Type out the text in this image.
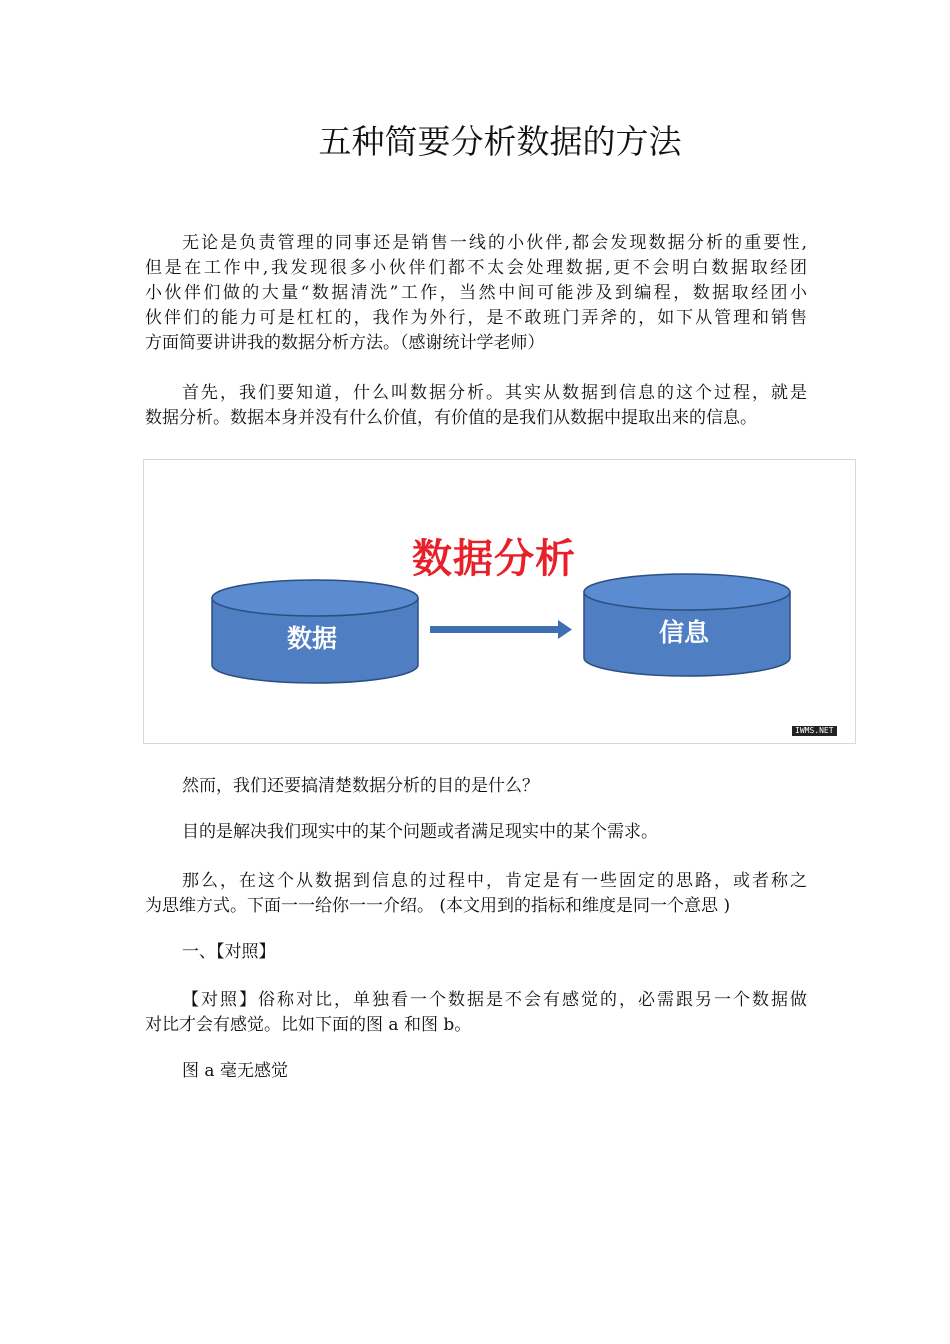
五种简要分析数据的方法
无论是负责管理的同事还是销售一线的小伙伴,都会发现数据分析的重要性,
但是在工作中,我发现很多小伙伴们都不太会处理数据,更不会明白数据取经团
小伙伴们做的大量“数据清洗”工作，当然中间可能涉及到编程，数据取经团小
伙伴们的能力可是杠杠的，我作为外行，是不敢班门弄斧的，如下从管理和销售
方面简要讲讲我的数据分析方法。（感谢统计学老师）
首先，我们要知道，什么叫数据分析。其实从数据到信息的这个过程，就是
数据分析。数据本身并没有什么价值，有价值的是我们从数据中提取出来的信息。
数据分析
数据	信息
IWMS.NET
然而，我们还要搞清楚数据分析的目的是什么？
目的是解决我们现实中的某个问题或者满足现实中的某个需求。
那么，在这个从数据到信息的过程中，肯定是有一些固定的思路，或者称之
为思维方式。下面一一给你一一介绍。 (本文用到的指标和维度是同一个意思 )
一、【对照】
【对照】俗称对比，单独看一个数据是不会有感觉的，必需跟另一个数据做
对比才会有感觉。比如下面的图 a 和图 b。
图 a 毫无感觉
